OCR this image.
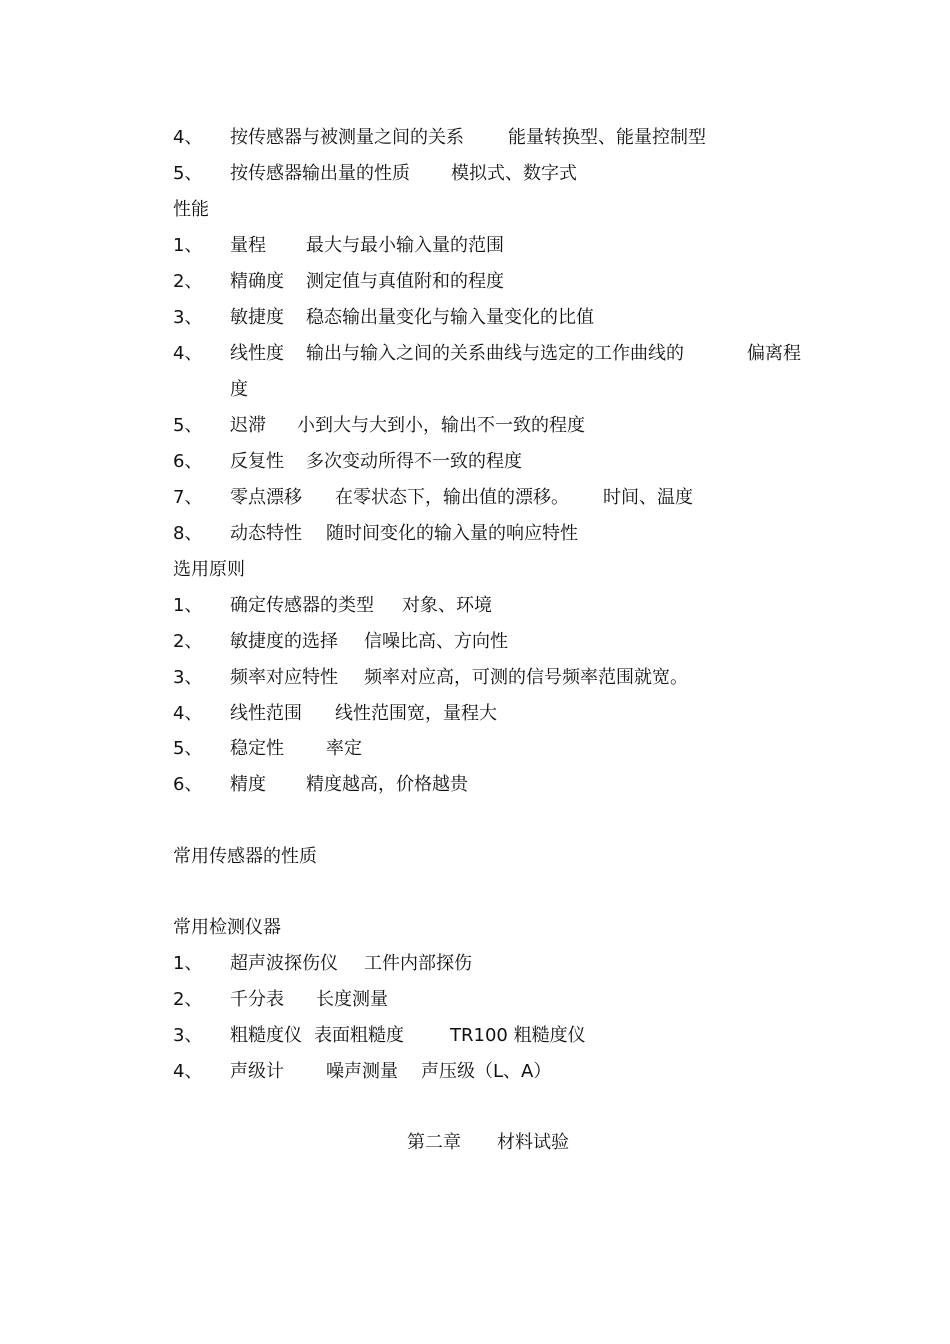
4、 按传感器与被测量之间的关系 能量转换型、能量控制型
5、 按传感器输出量的性质 模拟式、数字式
性能
1、 量程 最大与最小输入量的范围
2、 精确度 测定值与真值附和的程度
3、 敏捷度 稳态输出量变化与输入量变化的比值
4、 线性度 输出与输入之间的关系曲线与选定的工作曲线的	偏离程
度
5、 迟滞 小到大与大到小，输出不一致的程度
6、 反复性 多次变动所得不一致的程度
7、 零点漂移 在零状态下，输出值的漂移。 时间、温度
8、 动态特性 随时间变化的输入量的响应特性
选用原则
1、 确定传感器的类型 对象、环境
2、 敏捷度的选择 信噪比高、方向性
3、 频率对应特性 频率对应高，可测的信号频率范围就宽。
4、 线性范围 线性范围宽，量程大
5、 稳定性 率定
6、 精度 精度越高，价格越贵
常用传感器的性质
常用检测仪器
1、 超声波探伤仪 工件内部探伤
2、 千分表 长度测量
3、 粗糙度仪 表面粗糙度	TR100 粗糙度仪
4、 声级计 噪声测量 声压级（L、A）
第二章 材料试验
